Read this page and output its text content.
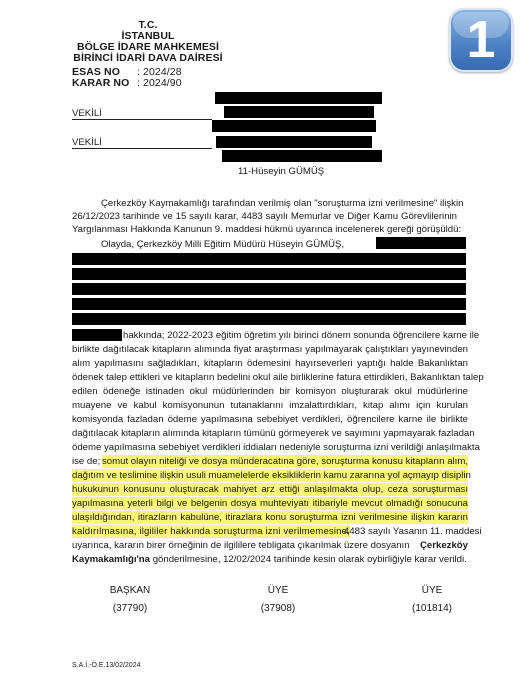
T.C.
İSTANBUL
BÖLGE İDARE MAHKEMESİ
BİRİNCİ İDARİ DAVA DAİRESİ
ESAS NO : 2024/28
KARAR NO : 2024/90
1
VEKİLİ
VEKİLİ
11-Hüseyin GÜMÜŞ
Çerkezköy Kaymakamlığı tarafından verilmiş olan "soruşturma izni verilmesine" ilişkin
26/12/2023 tarihinde ve 15 sayılı karar, 4483 sayılı Memurlar ve Diğer Kamu Görevlilerinin
Yargılanması Hakkında Kanunun 9. maddesi hükmü uyarınca incelenerek gereği görüşüldü:
Olayda, Çerkezköy Milli Eğitim Müdürü Hüseyin GÜMÜŞ,
hakkında; 2022-2023 eğitim öğretim yılı birinci dönem sonunda öğrencilere karne ile
birlikte dağıtılacak kitapların alımında fiyat araştırması yapılmayarak çalıştıkları yayınevinden
alım yapılmasını sağladıkları, kitapların ödemesini hayırseverleri yaptığı halde Bakanlıktan
ödenek talep ettikleri ve kitapların bedelini okul aile birliklerine fatura ettirdikleri, Bakanlıktan talep
edilen ödeneğe istinaden okul müdürlerinden bir komisyon oluşturarak okul müdürlerine
muayene ve kabul komisyonunun tutanaklarını imzalattırdıkları, kitap alımı için kurulan
komisyonda fazladan ödeme yapılmasına sebebiyet verdikleri, öğrencilere karne ile birlikte
dağıtılacak kitapların alımında kitapların tümünü görmeyerek ve sayımını yapmayarak fazladan
ödeme yapılmasına sebebiyet verdikleri iddiaları nedeniyle soruşturma izni verildiği anlaşılmakta
ise de; somut olayın niteliği ve dosya münderacatına göre, soruşturma konusu kitapların alım,
dağıtım ve teslimine ilişkin usuli muamelelerde eksikliklerin kamu zararına yol açmayıp disiplin
hukukunun konusunu oluşturacak mahiyet arz ettiği anlaşılmakta olup, ceza soruşturması
yapılmasına yeterli bilgi ve belgenin dosya muhteviyatı itibariyle mevcut olmadığı sonucuna
ulaşıldığından, itirazların kabulüne, itirazlara konu soruşturma izni verilmesine ilişkin kararın
kaldırılmasına, ilgililer hakkında soruşturma izni verilmemesine,
4483 sayılı Yasanın 11. maddesi
uyarınca, kararın birer örneğinin de ilgililere tebligata çıkarılmak üzere dosyanın Çerkezköy
Kaymakamlığı'na gönderilmesine, 12/02/2024 tarihinde kesin olarak oybirliğiyle karar verildi.
BAŞKAN
(37790)
ÜYE
(37908)
ÜYE
(101814)
S.A.İ.-Ö.E.13/02/2024
